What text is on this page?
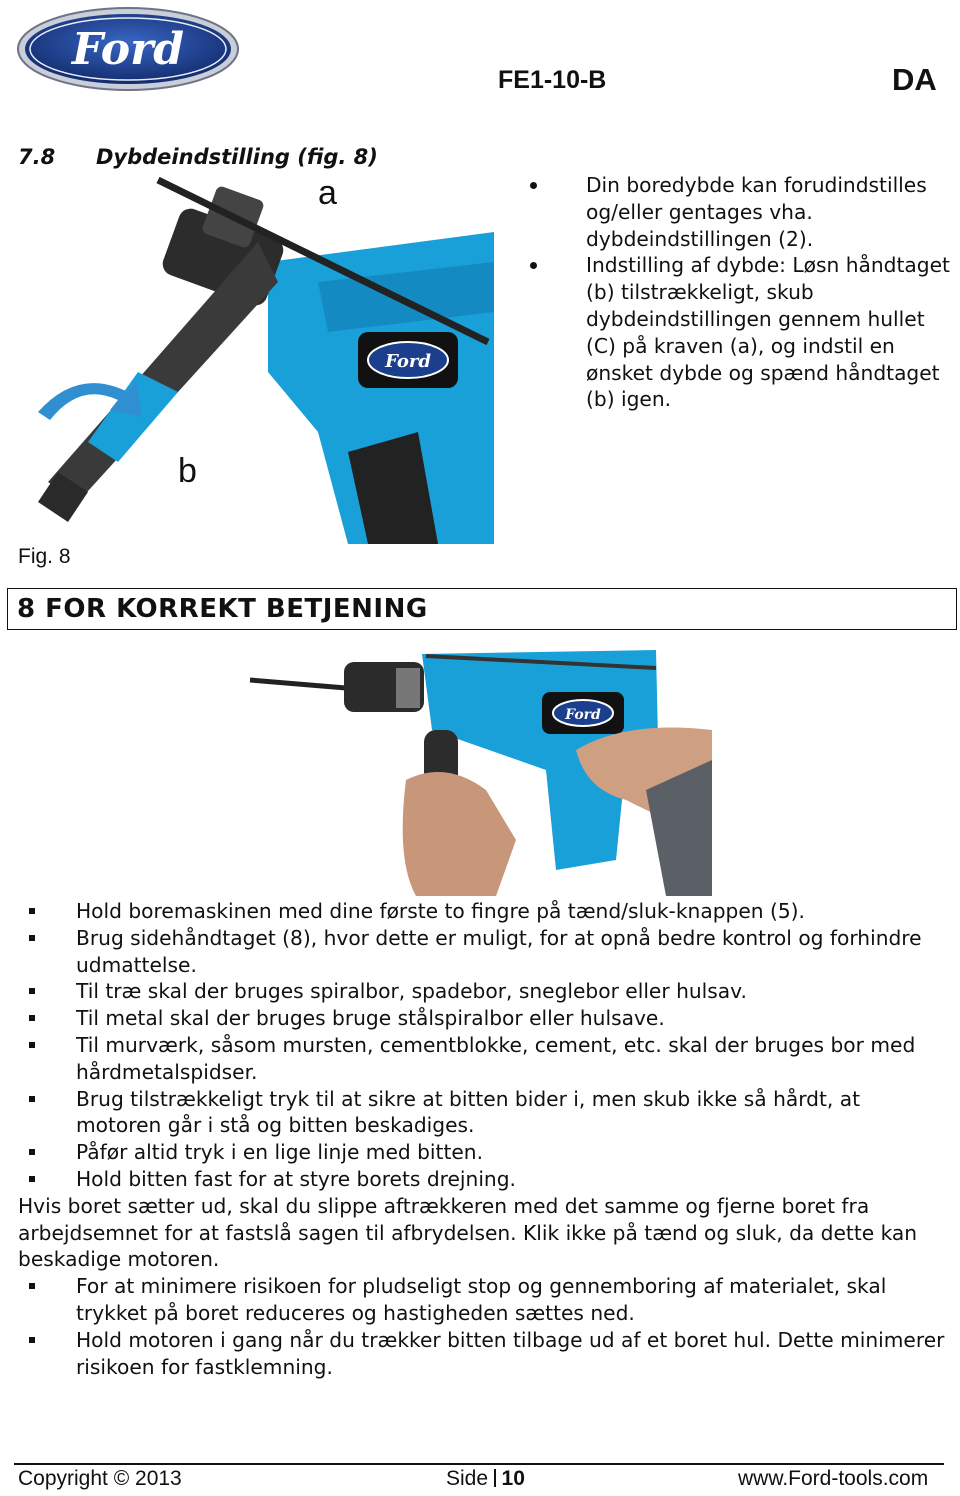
Ford
FE1-10-B	DA
7.8 Dybdeindstilling (fig. 8)
Ford
a
b
Din boredybde kan forudindstilles og/eller gentages vha. dybdeindstillingen (2).
Indstilling af dybde: Løsn håndtaget (b) tilstrækkeligt, skub dybdeindstillingen gennem hullet (C) på kraven (a), og indstil en ønsket dybde og spænd håndtaget (b) igen.
Fig. 8
8 FOR KORREKT BETJENING
Ford
Hold boremaskinen med dine første to fingre på tænd/sluk-knappen (5).
Brug sidehåndtaget (8), hvor dette er muligt, for at opnå bedre kontrol og forhindre udmattelse.
Til træ skal der bruges spiralbor, spadebor, sneglebor eller hulsav.
Til metal skal der bruges bruge stålspiralbor eller hulsave.
Til murværk, såsom mursten, cementblokke, cement, etc. skal der bruges bor med hårdmetalspidser.
Brug tilstrækkeligt tryk til at sikre at bitten bider i, men skub ikke så hårdt, at motoren går i stå og bitten beskadiges.
Påfør altid tryk i en lige linje med bitten.
Hold bitten fast for at styre borets drejning.

Hvis boret sætter ud, skal du slippe aftrækkeren med det samme og fjerne boret fra arbejdsemnet for at fastslå sagen til afbrydelsen. Klik ikke på tænd og sluk, da dette kan beskadige motoren.

For at minimere risikoen for pludseligt stop og gennemboring af materialet, skal trykket på boret reduceres og hastigheden sættes ned.
Hold motoren i gang når du trækker bitten tilbage ud af et boret hul. Dette minimerer risikoen for fastklemning.
Copyright © 2013	Side 10	www.Ford-tools.com
